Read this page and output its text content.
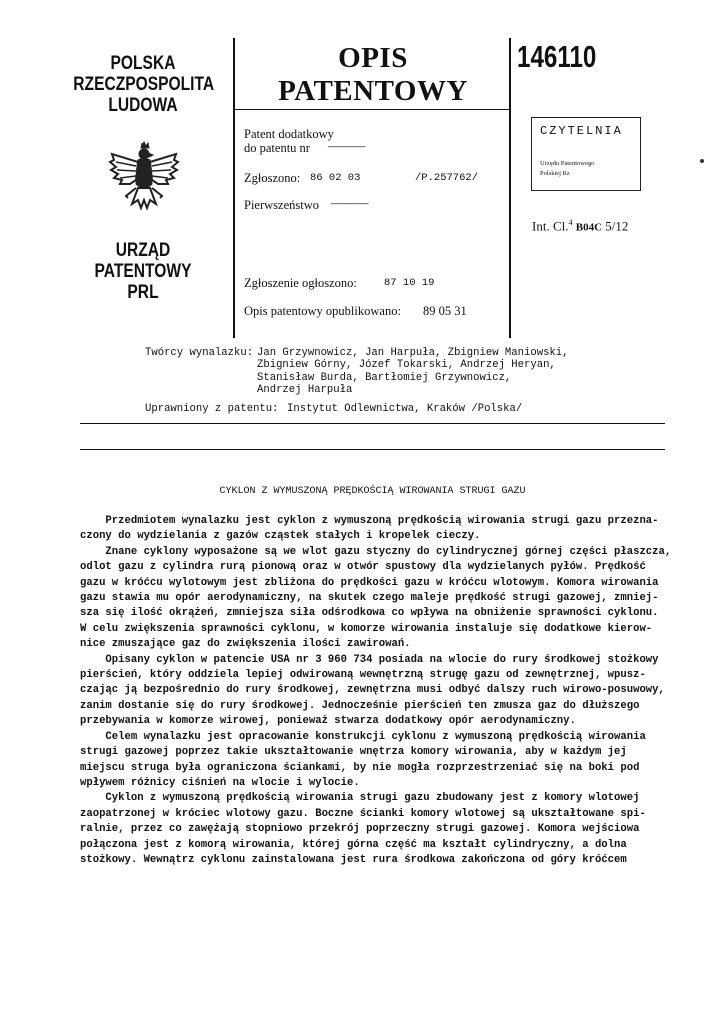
POLSKA
RZECZPOSPOLITA
LUDOWA
URZĄD
PATENTOWY
PRL
OPIS PATENTOWY
146110
Patent dodatkowy
do patentu nr ———
Zgłoszono: 86 02 03	/P.257762/
Pierwszeństwo ———
Zgłoszenie ogłoszono:	87 10 19
Opis patentowy opublikowano: 89 05 31
CZYTELNIA
Urzędu Patentowego
Polskiej Rz
Int. Cl.$^4$ B04C 5/12
Twórcy wynalazku: Jan Grzywnowicz, Jan Harpuła, Zbigniew Maniowski,

Zbigniew Górny, Józef Tokarski, Andrzej Heryan,

Stanisław Burda, Bartłomiej Grzywnowicz,

Andrzej Harpuła

Uprawniony z patentu: Instytut Odlewnictwa, Kraków /Polska/
CYKLON Z WYMUSZONĄ PRĘDKOŚCIĄ WIROWANIA STRUGI GAZU

Przedmiotem wynalazku jest cyklon z wymuszoną prędkością wirowania strugi gazu przezna-

czony do wydzielania z gazów cząstek stałych i kropelek cieczy.

Znane cyklony wyposażone są we wlot gazu styczny do cylindrycznej górnej części płaszcza,

odlot gazu z cylindra rurą pionową oraz w otwór spustowy dla wydzielanych pyłów. Prędkość

gazu w króćcu wylotowym jest zbliżona do prędkości gazu w króćcu wlotowym. Komora wirowania

gazu stawia mu opór aerodynamiczny, na skutek czego maleje prędkość strugi gazowej, zmniej-

sza się ilość okrążeń, zmniejsza siła odśrodkowa co wpływa na obniżenie sprawności cyklonu.

W celu zwiększenia sprawności cyklonu, w komorze wirowania instaluje się dodatkowe kierow-

nice zmuszające gaz do zwiększenia ilości zawirowań.

Opisany cyklon w patencie USA nr 3 960 734 posiada na wlocie do rury środkowej stożkowy

pierścień, który oddziela lepiej odwirowaną wewnętrzną strugę gazu od zewnętrznej, wpusz-

czając ją bezpośrednio do rury środkowej, zewnętrzna musi odbyć dalszy ruch wirowo-posuwowy,

zanim dostanie się do rury środkowej. Jednocześnie pierścień ten zmusza gaz do dłuższego

przebywania w komorze wirowej, ponieważ stwarza dodatkowy opór aerodynamiczny.

Celem wynalazku jest opracowanie konstrukcji cyklonu z wymuszoną prędkością wirowania

strugi gazowej poprzez takie ukształtowanie wnętrza komory wirowania, aby w każdym jej

miejscu struga była ograniczona ściankami, by nie mogła rozprzestrzeniać się na boki pod

wpływem różnicy ciśnień na wlocie i wylocie.

Cyklon z wymuszoną prędkością wirowania strugi gazu zbudowany jest z komory wlotowej

zaopatrzonej w króciec wlotowy gazu. Boczne ścianki komory wlotowej są ukształtowane spi-

ralnie, przez co zawężają stopniowo przekrój poprzeczny strugi gazowej. Komora wejściowa

połączona jest z komorą wirowania, której górna część ma kształt cylindryczny, a dolna

stożkowy. Wewnątrz cyklonu zainstalowana jest rura środkowa zakończona od góry króćcem
